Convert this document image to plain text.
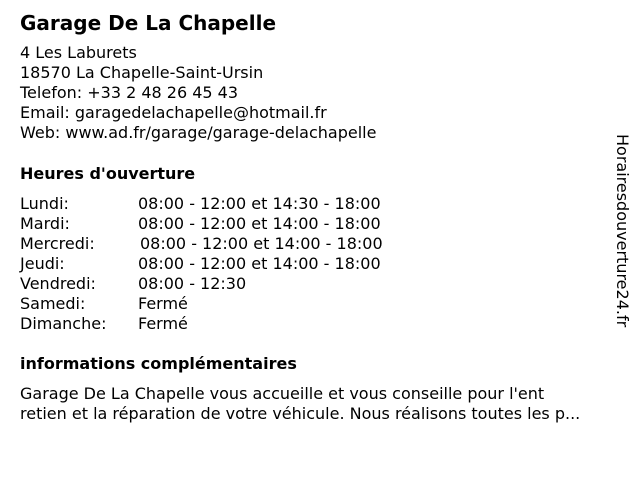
Garage De La Chapelle
4 Les Laburets
18570 La Chapelle-Saint-Ursin
Telefon: +33 2 48 26 45 43
Email: garagedelachapelle@hotmail.fr
Web: www.ad.fr/garage/garage-delachapelle
Heures d'ouverture
Lundi:	08:00 - 12:00 et 14:30 - 18:00
Mardi:	08:00 - 12:00 et 14:00 - 18:00
Mercredi:	08:00 - 12:00 et 14:00 - 18:00
Jeudi:	08:00 - 12:00 et 14:00 - 18:00
Vendredi:	08:00 - 12:30
Samedi:	Fermé
Dimanche:	Fermé
informations complémentaires
Garage De La Chapelle vous accueille et vous conseille pour l'ent
retien et la réparation de votre véhicule. Nous réalisons toutes les p...
Horairesdouverture24.fr
